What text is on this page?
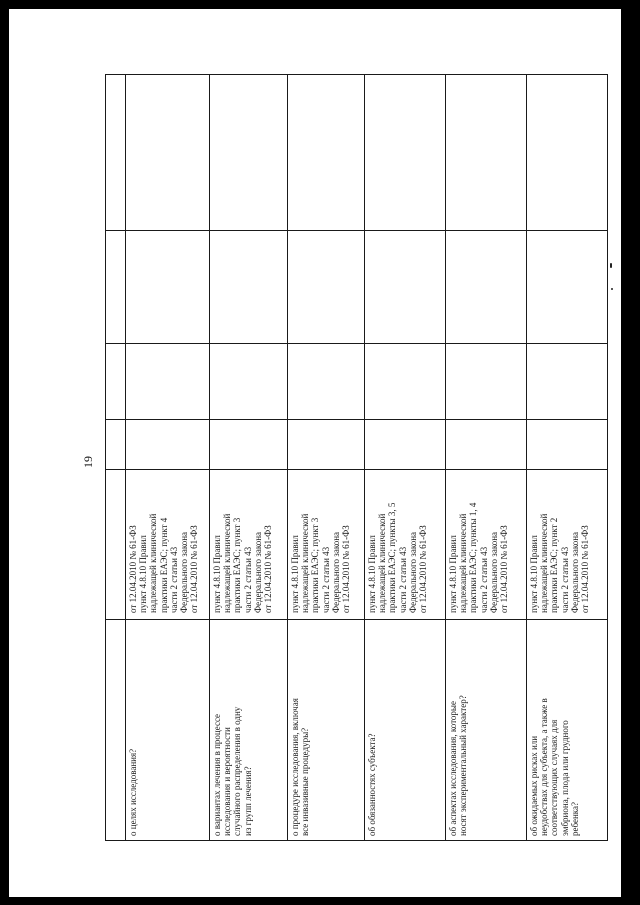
19
о целях исследования?
от 12.04.2010 № 61-ФЗ
пункт 4.8.10 Правил
надлежащей клинической
практики ЕАЭС; пункт 4
части 2 статьи 43
Федерального закона
от 12.04.2010 № 61-ФЗ
о вариантах лечения в процессе
исследования и вероятности
случайного распределения в одну
из групп лечения?
пункт 4.8.10 Правил
надлежащей клинической
практики ЕАЭС; пункт 3
части 2 статьи 43
Федерального закона
от 12.04.2010 № 61-ФЗ
о процедуре исследования, включая
все инвазивные процедуры?
пункт 4.8.10 Правил
надлежащей клинической
практики ЕАЭС; пункт 3
части 2 статьи 43
Федерального закона
от 12.04.2010 № 61-ФЗ
об обязанностях субъекта?
пункт 4.8.10 Правил
надлежащей клинической
практики ЕАЭС; пункты 3, 5
части 2 статьи 43
Федерального закона
от 12.04.2010 № 61-ФЗ
об аспектах исследования, которые
носят экспериментальный характер?
пункт 4.8.10 Правил
надлежащей клинической
практики ЕАЭС; пункты 1, 4
части 2 статьи 43
Федерального закона
от 12.04.2010 № 61-ФЗ
об ожидаемых рисках или
неудобствах для субъекта, а также в
соответствующих случаях для
эмбриона, плода или грудного
ребенка?
пункт 4.8.10 Правил
надлежащей клинической
практики ЕАЭС; пункт 2
части 2 статьи 43
Федерального закона
от 12.04.2010 № 61-ФЗ
